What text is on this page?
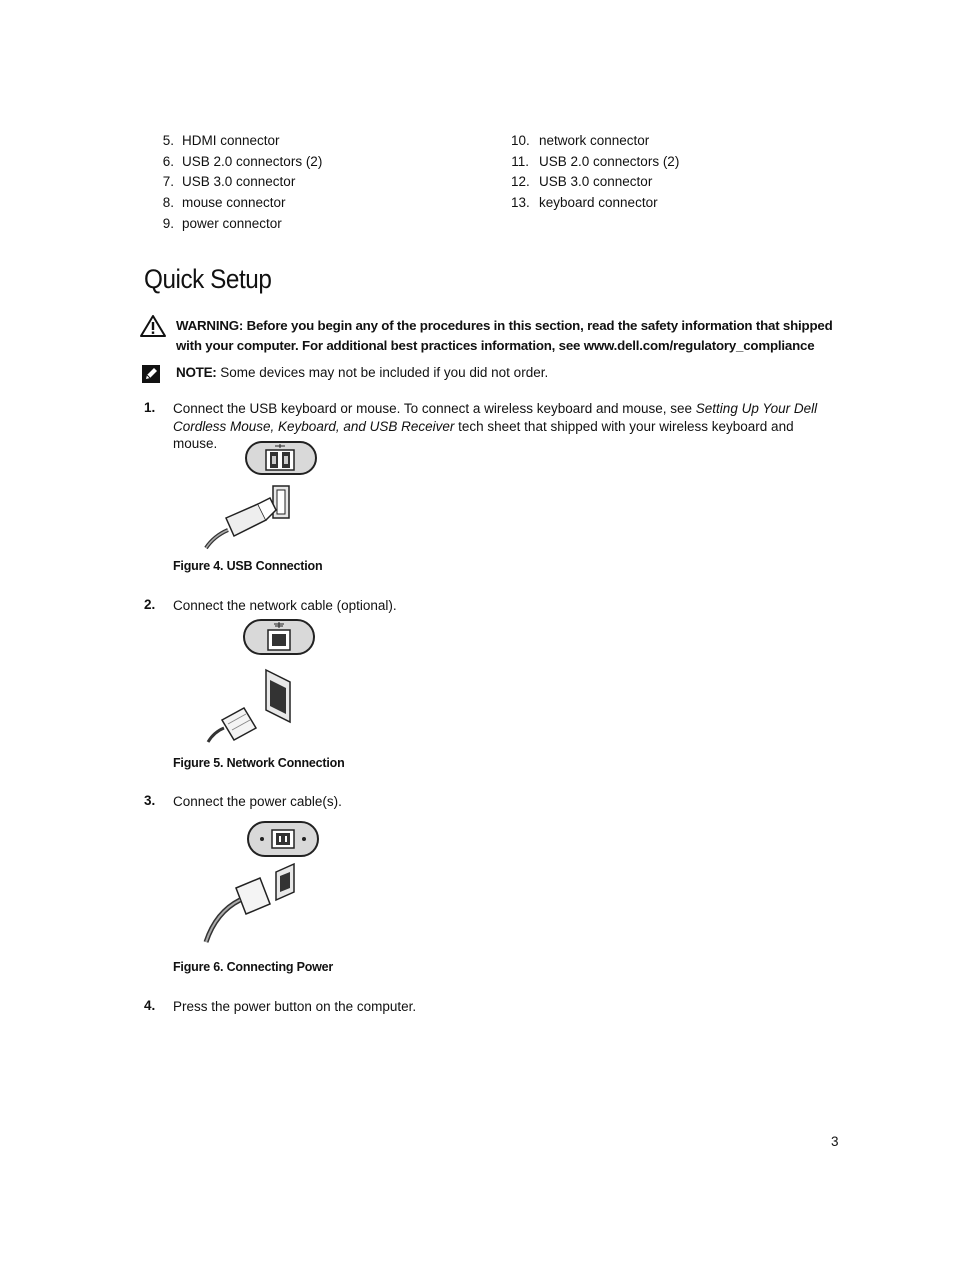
5. HDMI connector
6. USB 2.0 connectors (2)
7. USB 3.0 connector
8. mouse connector
9. power connector
10. network connector
11. USB 2.0 connectors (2)
12. USB 3.0 connector
13. keyboard connector
Quick Setup
WARNING: Before you begin any of the procedures in this section, read the safety information that shipped with your computer. For additional best practices information, see www.dell.com/regulatory_compliance
NOTE: Some devices may not be included if you did not order.
1. Connect the USB keyboard or mouse. To connect a wireless keyboard and mouse, see Setting Up Your Dell Cordless Mouse, Keyboard, and USB Receiver tech sheet that shipped with your wireless keyboard and mouse.
Figure 4. USB Connection
2. Connect the network cable (optional).
Figure 5. Network Connection
3. Connect the power cable(s).
Figure 6. Connecting Power
4. Press the power button on the computer.
3
